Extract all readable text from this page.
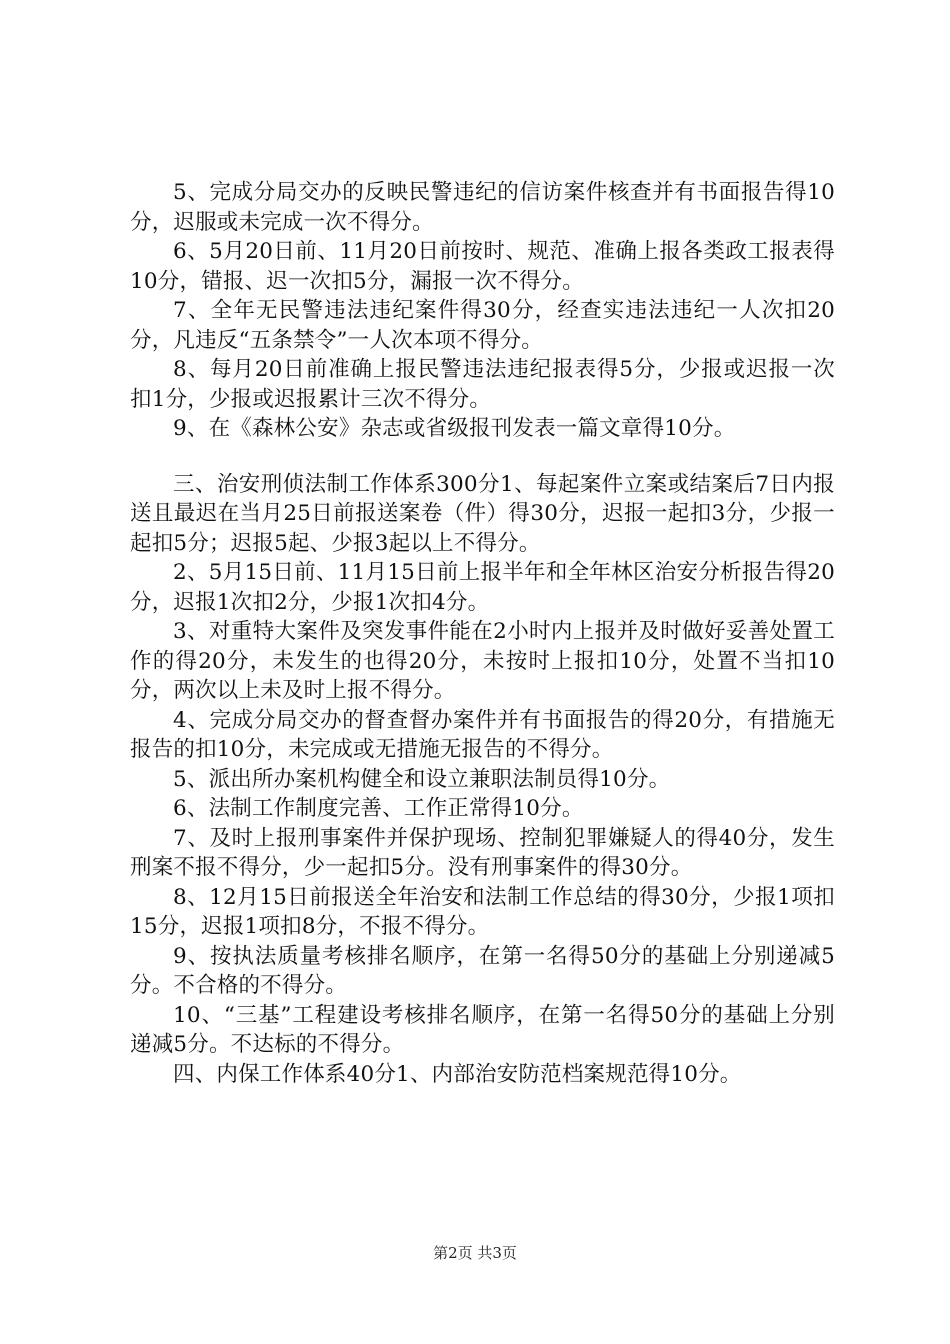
5、完成分局交办的反映民警违纪的信访案件核查并有书面报告得10分，迟服或未完成一次不得分。

6、5月20日前、11月20日前按时、规范、准确上报各类政工报表得10分，错报、迟一次扣5分，漏报一次不得分。

7、全年无民警违法违纪案件得30分，经查实违法违纪一人次扣20分，凡违反“五条禁令”一人次本项不得分。

8、每月20日前准确上报民警违法违纪报表得5分，少报或迟报一次扣1分，少报或迟报累计三次不得分。

9、在《森林公安》杂志或省级报刊发表一篇文章得10分。

三、治安刑侦法制工作体系300分1、每起案件立案或结案后7日内报送且最迟在当月25日前报送案卷（件）得30分，迟报一起扣3分，少报一起扣5分；迟报5起、少报3起以上不得分。

2、5月15日前、11月15日前上报半年和全年林区治安分析报告得20分，迟报1次扣2分，少报1次扣4分。

3、对重特大案件及突发事件能在2小时内上报并及时做好妥善处置工作的得20分，未发生的也得20分，未按时上报扣10分，处置不当扣10分，两次以上未及时上报不得分。

4、完成分局交办的督查督办案件并有书面报告的得20分，有措施无报告的扣10分，未完成或无措施无报告的不得分。

5、派出所办案机构健全和设立兼职法制员得10分。

6、法制工作制度完善、工作正常得10分。

7、及时上报刑事案件并保护现场、控制犯罪嫌疑人的得40分，发生刑案不报不得分，少一起扣5分。没有刑事案件的得30分。

8、12月15日前报送全年治安和法制工作总结的得30分，少报1项扣15分，迟报1项扣8分，不报不得分。

9、按执法质量考核排名顺序，在第一名得50分的基础上分别递减5分。不合格的不得分。

10、“三基”工程建设考核排名顺序，在第一名得50分的基础上分别递减5分。不达标的不得分。

四、内保工作体系40分1、内部治安防范档案规范得10分。

第2页 共3页
